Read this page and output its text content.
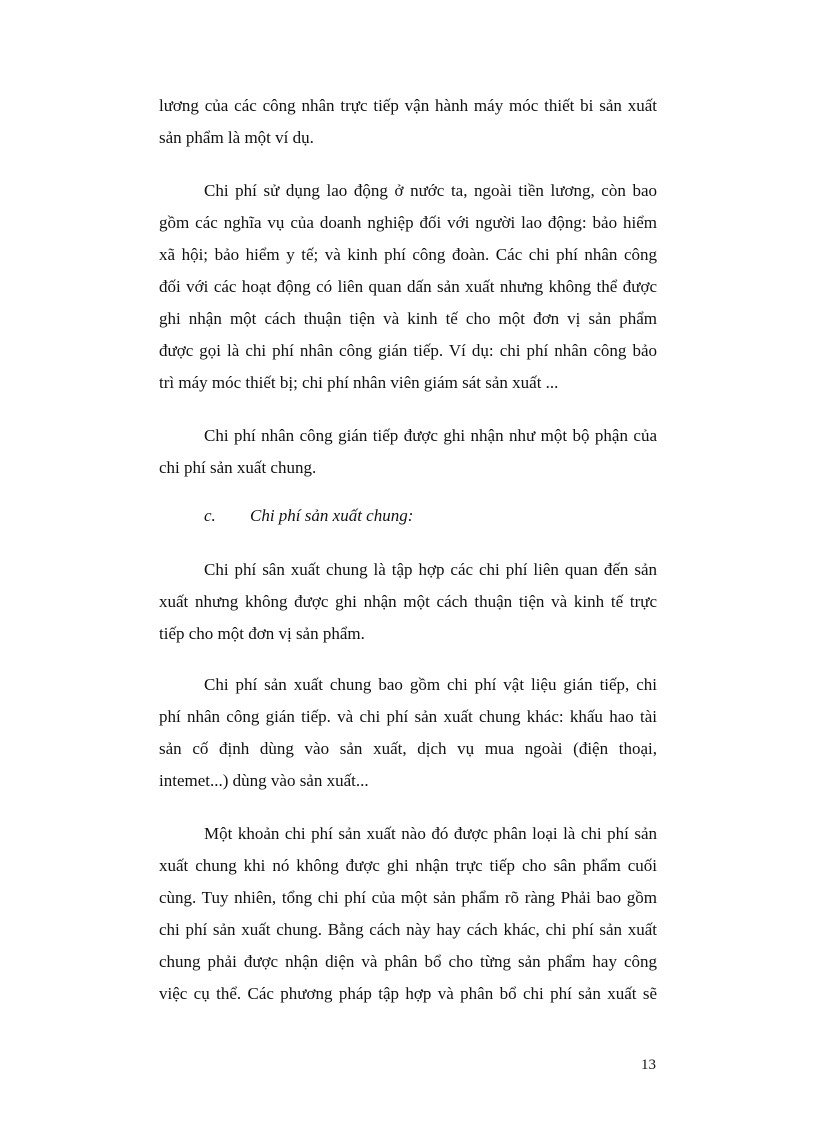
lương của các công nhân trực tiếp vận hành máy móc thiết bi sản xuất
sản phẩm là một ví dụ.
Chi phí sử dụng lao động ở nước ta, ngoài tiền lương, còn bao
gồm các nghĩa vụ của doanh nghiệp đối với người lao động: bảo hiểm
xã hội; bảo hiểm y tế; và kinh phí công đoàn. Các chi phí nhân công
đối với các hoạt động có liên quan dấn sản xuất nhưng không thể được
ghi nhận một cách thuận tiện và kinh tế cho một đơn vị sản phẩm
được gọi là chi phí nhân công gián tiếp. Ví dụ: chi phí nhân công bảo
trì máy móc thiết bị; chi phí nhân viên giám sát sản xuất ...
Chi phí nhân công gián tiếp được ghi nhận như một bộ phận của
chi phí sản xuất chung.
c. Chi phí sản xuất chung:
Chi phí sân xuất chung là tập hợp các chi phí liên quan đến sản
xuất nhưng không được ghi nhận một cách thuận tiện và kinh tế trực
tiếp cho một đơn vị sản phẩm.
Chi phí sản xuất chung bao gồm chi phí vật liệu gián tiếp, chi
phí nhân công gián tiếp. và chi phí sản xuất chung khác: khấu hao tài
sản cố định dùng vào sản xuất, dịch vụ mua ngoài (điện thoại,
intemet...) dùng vào sản xuất...
Một khoản chi phí sản xuất nào đó được phân loại là chi phí sản
xuất chung khi nó không được ghi nhận trực tiếp cho sân phẩm cuối
cùng. Tuy nhiên, tổng chi phí của một sản phẩm rõ ràng Phải bao gồm
chi phí sản xuất chung. Bằng cách này hay cách khác, chi phí sản xuất
chung phải được nhận diện và phân bổ cho từng sản phẩm hay công
việc cụ thể. Các phương pháp tập hợp và phân bổ chi phí sản xuất sẽ
13
